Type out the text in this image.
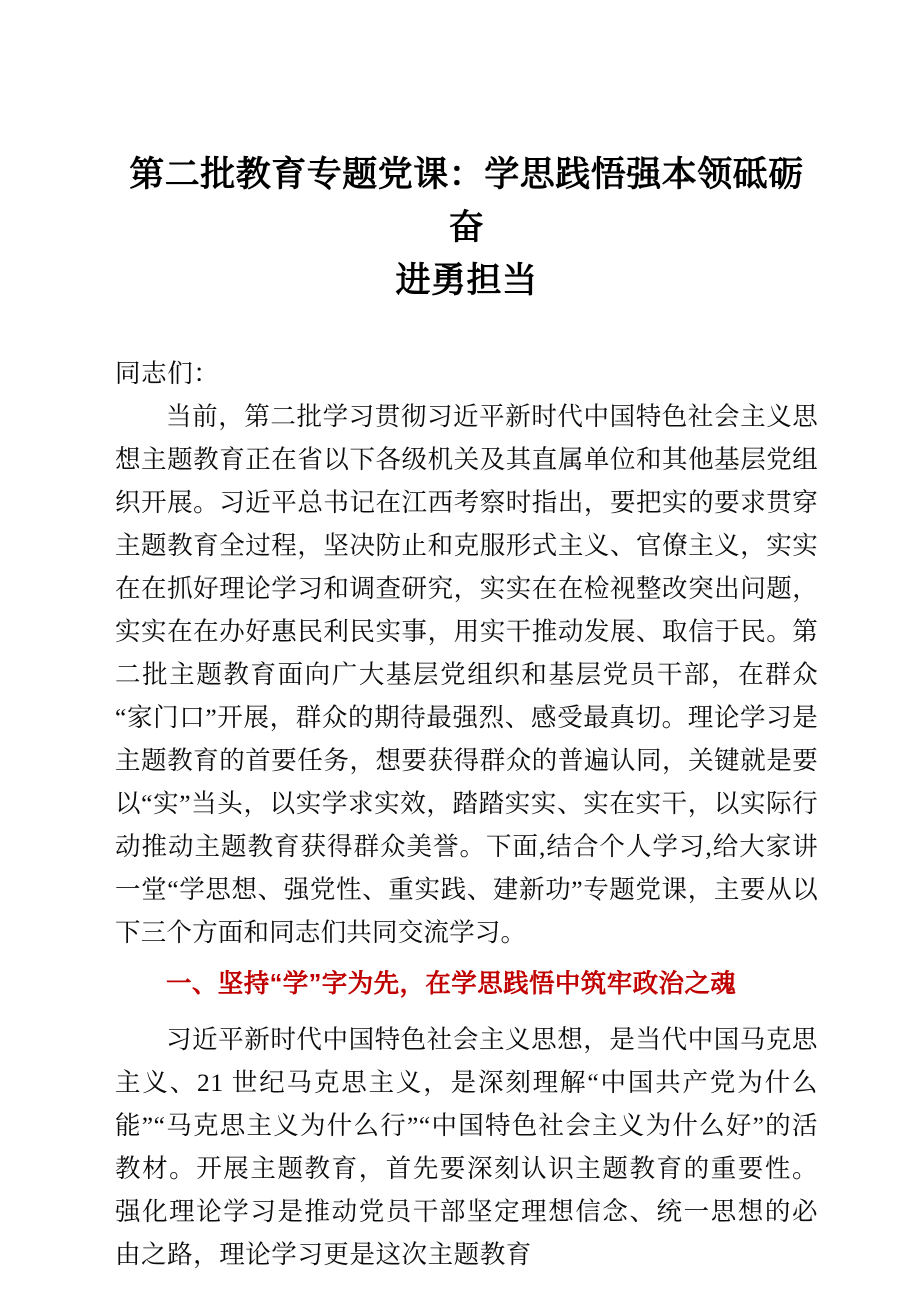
第二批教育专题党课：学思践悟强本领砥砺奋
进勇担当

同志们：

当前，第二批学习贯彻习近平新时代中国特色社会主义思想主题教育正在省以下各级机关及其直属单位和其他基层党组织开展。习近平总书记在江西考察时指出，要把实的要求贯穿主题教育全过程，坚决防止和克服形式主义、官僚主义，实实在在抓好理论学习和调查研究，实实在在检视整改突出问题，实实在在办好惠民利民实事，用实干推动发展、取信于民。第二批主题教育面向广大基层党组织和基层党员干部，在群众“家门口”开展，群众的期待最强烈、感受最真切。理论学习是主题教育的首要任务，想要获得群众的普遍认同，关键就是要以“实”当头，以实学求实效，踏踏实实、实在实干，以实际行动推动主题教育获得群众美誉。下面,结合个人学习,给大家讲一堂“学思想、强党性、重实践、建新功”专题党课，主要从以下三个方面和同志们共同交流学习。

一、坚持“学”字为先，在学思践悟中筑牢政治之魂

习近平新时代中国特色社会主义思想，是当代中国马克思主义、21 世纪马克思主义，是深刻理解“中国共产党为什么能”“马克思主义为什么行”“中国特色社会主义为什么好”的活教材。开展主题教育，首先要深刻认识主题教育的重要性。强化理论学习是推动党员干部坚定理想信念、统一思想的必由之路，理论学习更是这次主题教育
